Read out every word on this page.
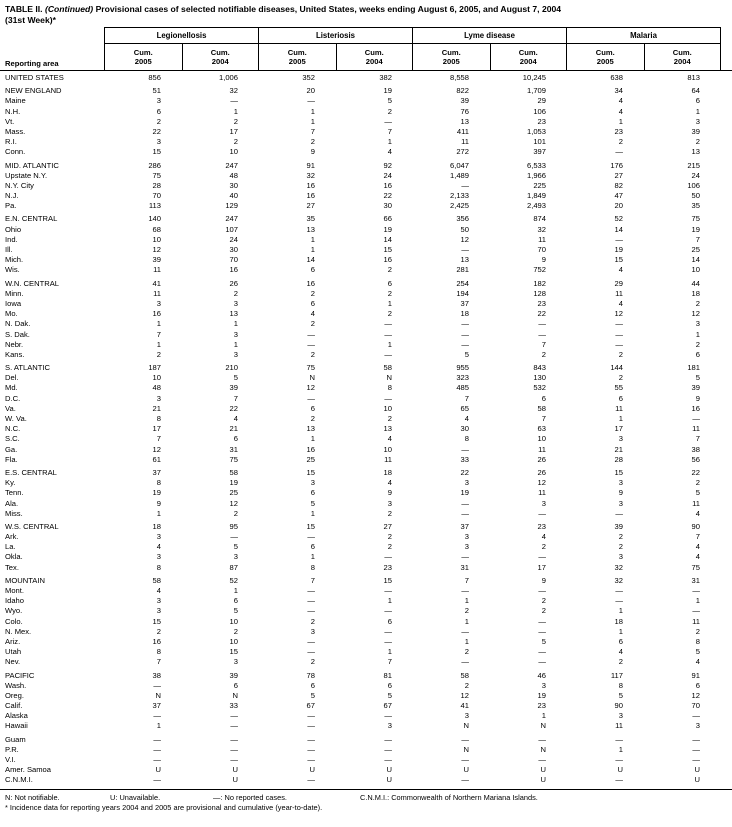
TABLE II. (Continued) Provisional cases of selected notifiable diseases, United States, weeks ending August 6, 2005, and August 7, 2004
(31st Week)*
Reporting area
Legionellosis
Cum.
2005
Cum.
2004
Listeriosis
Cum.
2005
Cum.
2004
Lyme disease
Cum.
2005
Cum.
2004
Malaria
Cum.
2005
Cum.
2004
UNITED STATES	856	1,006	352	382	8,558	10,245	638	813
NEW ENGLAND	51	32	20	19	822	1,709	34	64
Maine	3	—	—	5	39	29	4	6
N.H.	6	1	1	2	76	106	4	1
Vt.	2	2	1	—	13	23	1	3
Mass.	22	17	7	7	411	1,053	23	39
R.I.	3	2	2	1	11	101	2	2
Conn.	15	10	9	4	272	397	—	13
MID. ATLANTIC	286	247	91	92	6,047	6,533	176	215
Upstate N.Y.	75	48	32	24	1,489	1,966	27	24
N.Y. City	28	30	16	16	—	225	82	106
N.J.	70	40	16	22	2,133	1,849	47	50
Pa.	113	129	27	30	2,425	2,493	20	35
E.N. CENTRAL	140	247	35	66	356	874	52	75
Ohio	68	107	13	19	50	32	14	19
Ind.	10	24	1	14	12	11	—	7
Ill.	12	30	1	15	—	70	19	25
Mich.	39	70	14	16	13	9	15	14
Wis.	11	16	6	2	281	752	4	10
W.N. CENTRAL	41	26	16	6	254	182	29	44
Minn.	11	2	2	2	194	128	11	18
Iowa	3	3	6	1	37	23	4	2
Mo.	16	13	4	2	18	22	12	12
N. Dak.	1	1	2	—	—	—	—	3
S. Dak.	7	3	—	—	—	—	—	1
Nebr.	1	1	—	1	—	7	—	2
Kans.	2	3	2	—	5	2	2	6
S. ATLANTIC	187	210	75	58	955	843	144	181
Del.	10	5	N	N	323	130	2	5
Md.	48	39	12	8	485	532	55	39
D.C.	3	7	—	—	7	6	6	9
Va.	21	22	6	10	65	58	11	16
W. Va.	8	4	2	2	4	7	1	—
N.C.	17	21	13	13	30	63	17	11
S.C.	7	6	1	4	8	10	3	7
Ga.	12	31	16	10	—	11	21	38
Fla.	61	75	25	11	33	26	28	56
E.S. CENTRAL	37	58	15	18	22	26	15	22
Ky.	8	19	3	4	3	12	3	2
Tenn.	19	25	6	9	19	11	9	5
Ala.	9	12	5	3	—	3	3	11
Miss.	1	2	1	2	—	—	—	4
W.S. CENTRAL	18	95	15	27	37	23	39	90
Ark.	3	—	—	2	3	4	2	7
La.	4	5	6	2	3	2	2	4
Okla.	3	3	1	—	—	—	3	4
Tex.	8	87	8	23	31	17	32	75
MOUNTAIN	58	52	7	15	7	9	32	31
Mont.	4	1	—	—	—	—	—	—
Idaho	3	6	—	1	1	2	—	1
Wyo.	3	5	—	—	2	2	1	—
Colo.	15	10	2	6	1	—	18	11
N. Mex.	2	2	3	—	—	—	1	2
Ariz.	16	10	—	—	1	5	6	8
Utah	8	15	—	1	2	—	4	5
Nev.	7	3	2	7	—	—	2	4
PACIFIC	38	39	78	81	58	46	117	91
Wash.	—	6	6	6	2	3	8	6
Oreg.	N	N	5	5	12	19	5	12
Calif.	37	33	67	67	41	23	90	70
Alaska	—	—	—	—	3	1	3	—
Hawaii	1	—	—	3	N	N	11	3
Guam	—	—	—	—	—	—	—	—
P.R.	—	—	—	—	N	N	1	—
V.I.	—	—	—	—	—	—	—	—
Amer. Samoa	U	U	U	U	U	U	U	U
C.N.M.I.	—	U	—	U	—	U	—	U
N: Not notifiable.	U: Unavailable.	—: No reported cases.	C.N.M.I.: Commonwealth of Northern Mariana Islands.
* Incidence data for reporting years 2004 and 2005 are provisional and cumulative (year-to-date).
